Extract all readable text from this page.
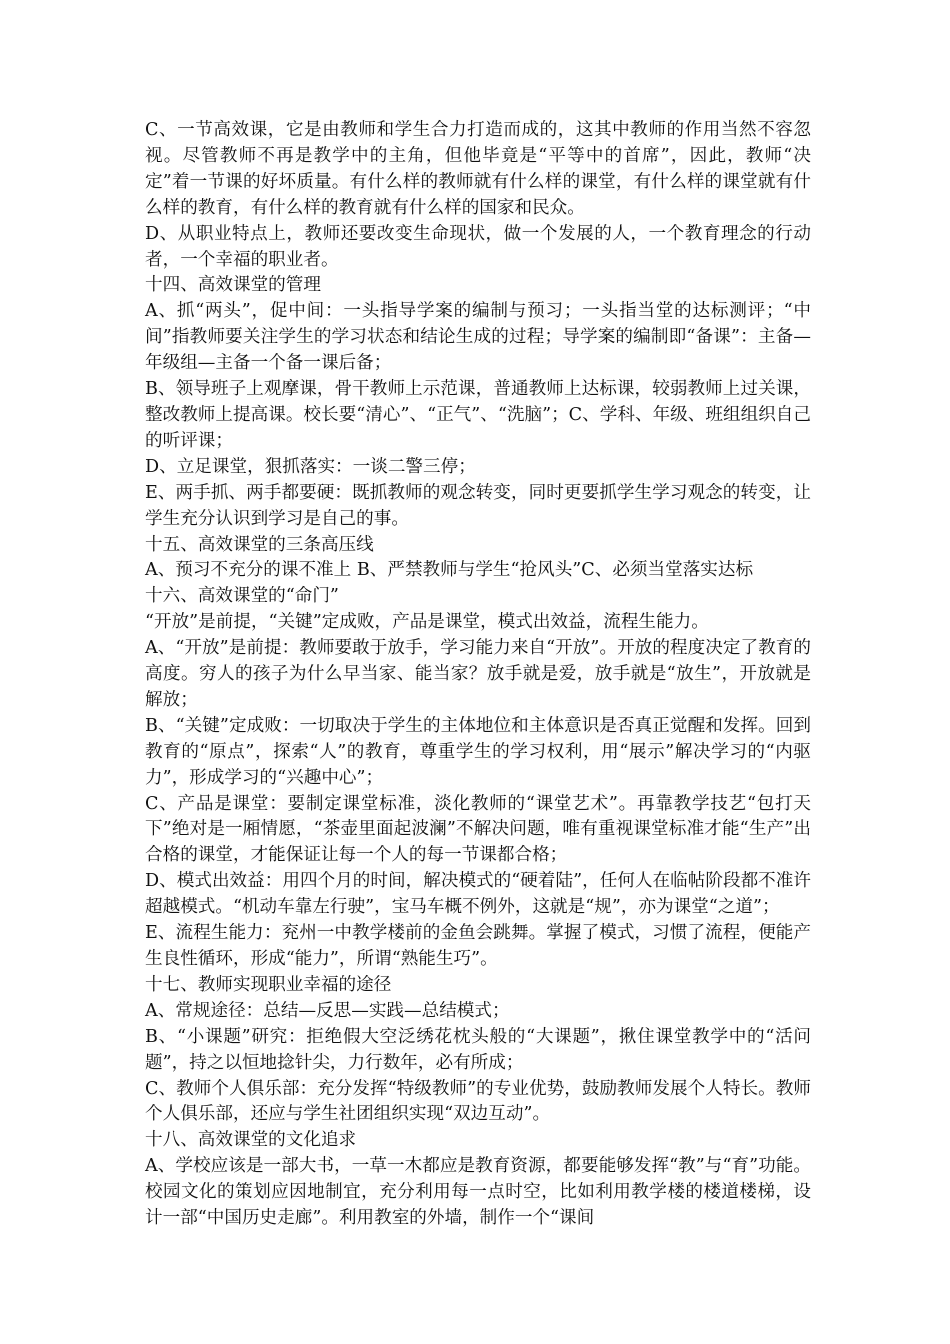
C、一节高效课，它是由教师和学生合力打造而成的，这其中教师的作用当然不容忽视。尽管教师不再是教学中的主角，但他毕竟是“平等中的首席”，因此，教师“决定”着一节课的好坏质量。有什么样的教师就有什么样的课堂，有什么样的课堂就有什么样的教育，有什么样的教育就有什么样的国家和民众。

D、从职业特点上，教师还要改变生命现状，做一个发展的人，一个教育理念的行动者，一个幸福的职业者。

十四、高效课堂的管理

A、抓“两头”，促中间：一头指导学案的编制与预习；一头指当堂的达标测评；“中间”指教师要关注学生的学习状态和结论生成的过程；导学案的编制即“备课”：主备—年级组—主备一个备一课后备；

B、领导班子上观摩课，骨干教师上示范课，普通教师上达标课，较弱教师上过关课，整改教师上提高课。校长要“清心”、“正气”、“洗脑”；C、学科、年级、班组组织自己的听评课；

D、立足课堂，狠抓落实：一谈二警三停；

E、两手抓、两手都要硬：既抓教师的观念转变，同时更要抓学生学习观念的转变，让学生充分认识到学习是自己的事。

十五、高效课堂的三条高压线

A、预习不充分的课不准上 B、严禁教师与学生“抢风头”C、必须当堂落实达标

十六、高效课堂的“命门”

“开放”是前提，“关键”定成败，产品是课堂，模式出效益，流程生能力。

A、“开放”是前提：教师要敢于放手，学习能力来自“开放”。开放的程度决定了教育的高度。穷人的孩子为什么早当家、能当家？放手就是爱，放手就是“放生”，开放就是解放；

B、“关键”定成败：一切取决于学生的主体地位和主体意识是否真正觉醒和发挥。回到教育的“原点”，探索“人”的教育，尊重学生的学习权利，用“展示”解决学习的“内驱力”，形成学习的“兴趣中心”；

C、产品是课堂：要制定课堂标准，淡化教师的“课堂艺术”。再靠教学技艺“包打天下”绝对是一厢情愿，“茶壶里面起波澜”不解决问题，唯有重视课堂标准才能“生产”出合格的课堂，才能保证让每一个人的每一节课都合格；

D、模式出效益：用四个月的时间，解决模式的“硬着陆”，任何人在临帖阶段都不准许超越模式。“机动车靠左行驶”，宝马车概不例外，这就是“规”，亦为课堂“之道”；

E、流程生能力：兖州一中教学楼前的金鱼会跳舞。掌握了模式，习惯了流程，便能产生良性循环，形成“能力”，所谓“熟能生巧”。

十七、教师实现职业幸福的途径

A、常规途径：总结—反思—实践—总结模式；

B、“小课题”研究：拒绝假大空泛绣花枕头般的“大课题”，揪住课堂教学中的“活问题”，持之以恒地捻针尖，力行数年，必有所成；

C、教师个人俱乐部：充分发挥“特级教师”的专业优势，鼓励教师发展个人特长。教师个人俱乐部，还应与学生社团组织实现“双边互动”。

十八、高效课堂的文化追求

A、学校应该是一部大书，一草一木都应是教育资源，都要能够发挥“教”与“育”功能。校园文化的策划应因地制宜，充分利用每一点时空，比如利用教学楼的楼道楼梯，设计一部“中国历史走廊”。利用教室的外墙，制作一个“课间
